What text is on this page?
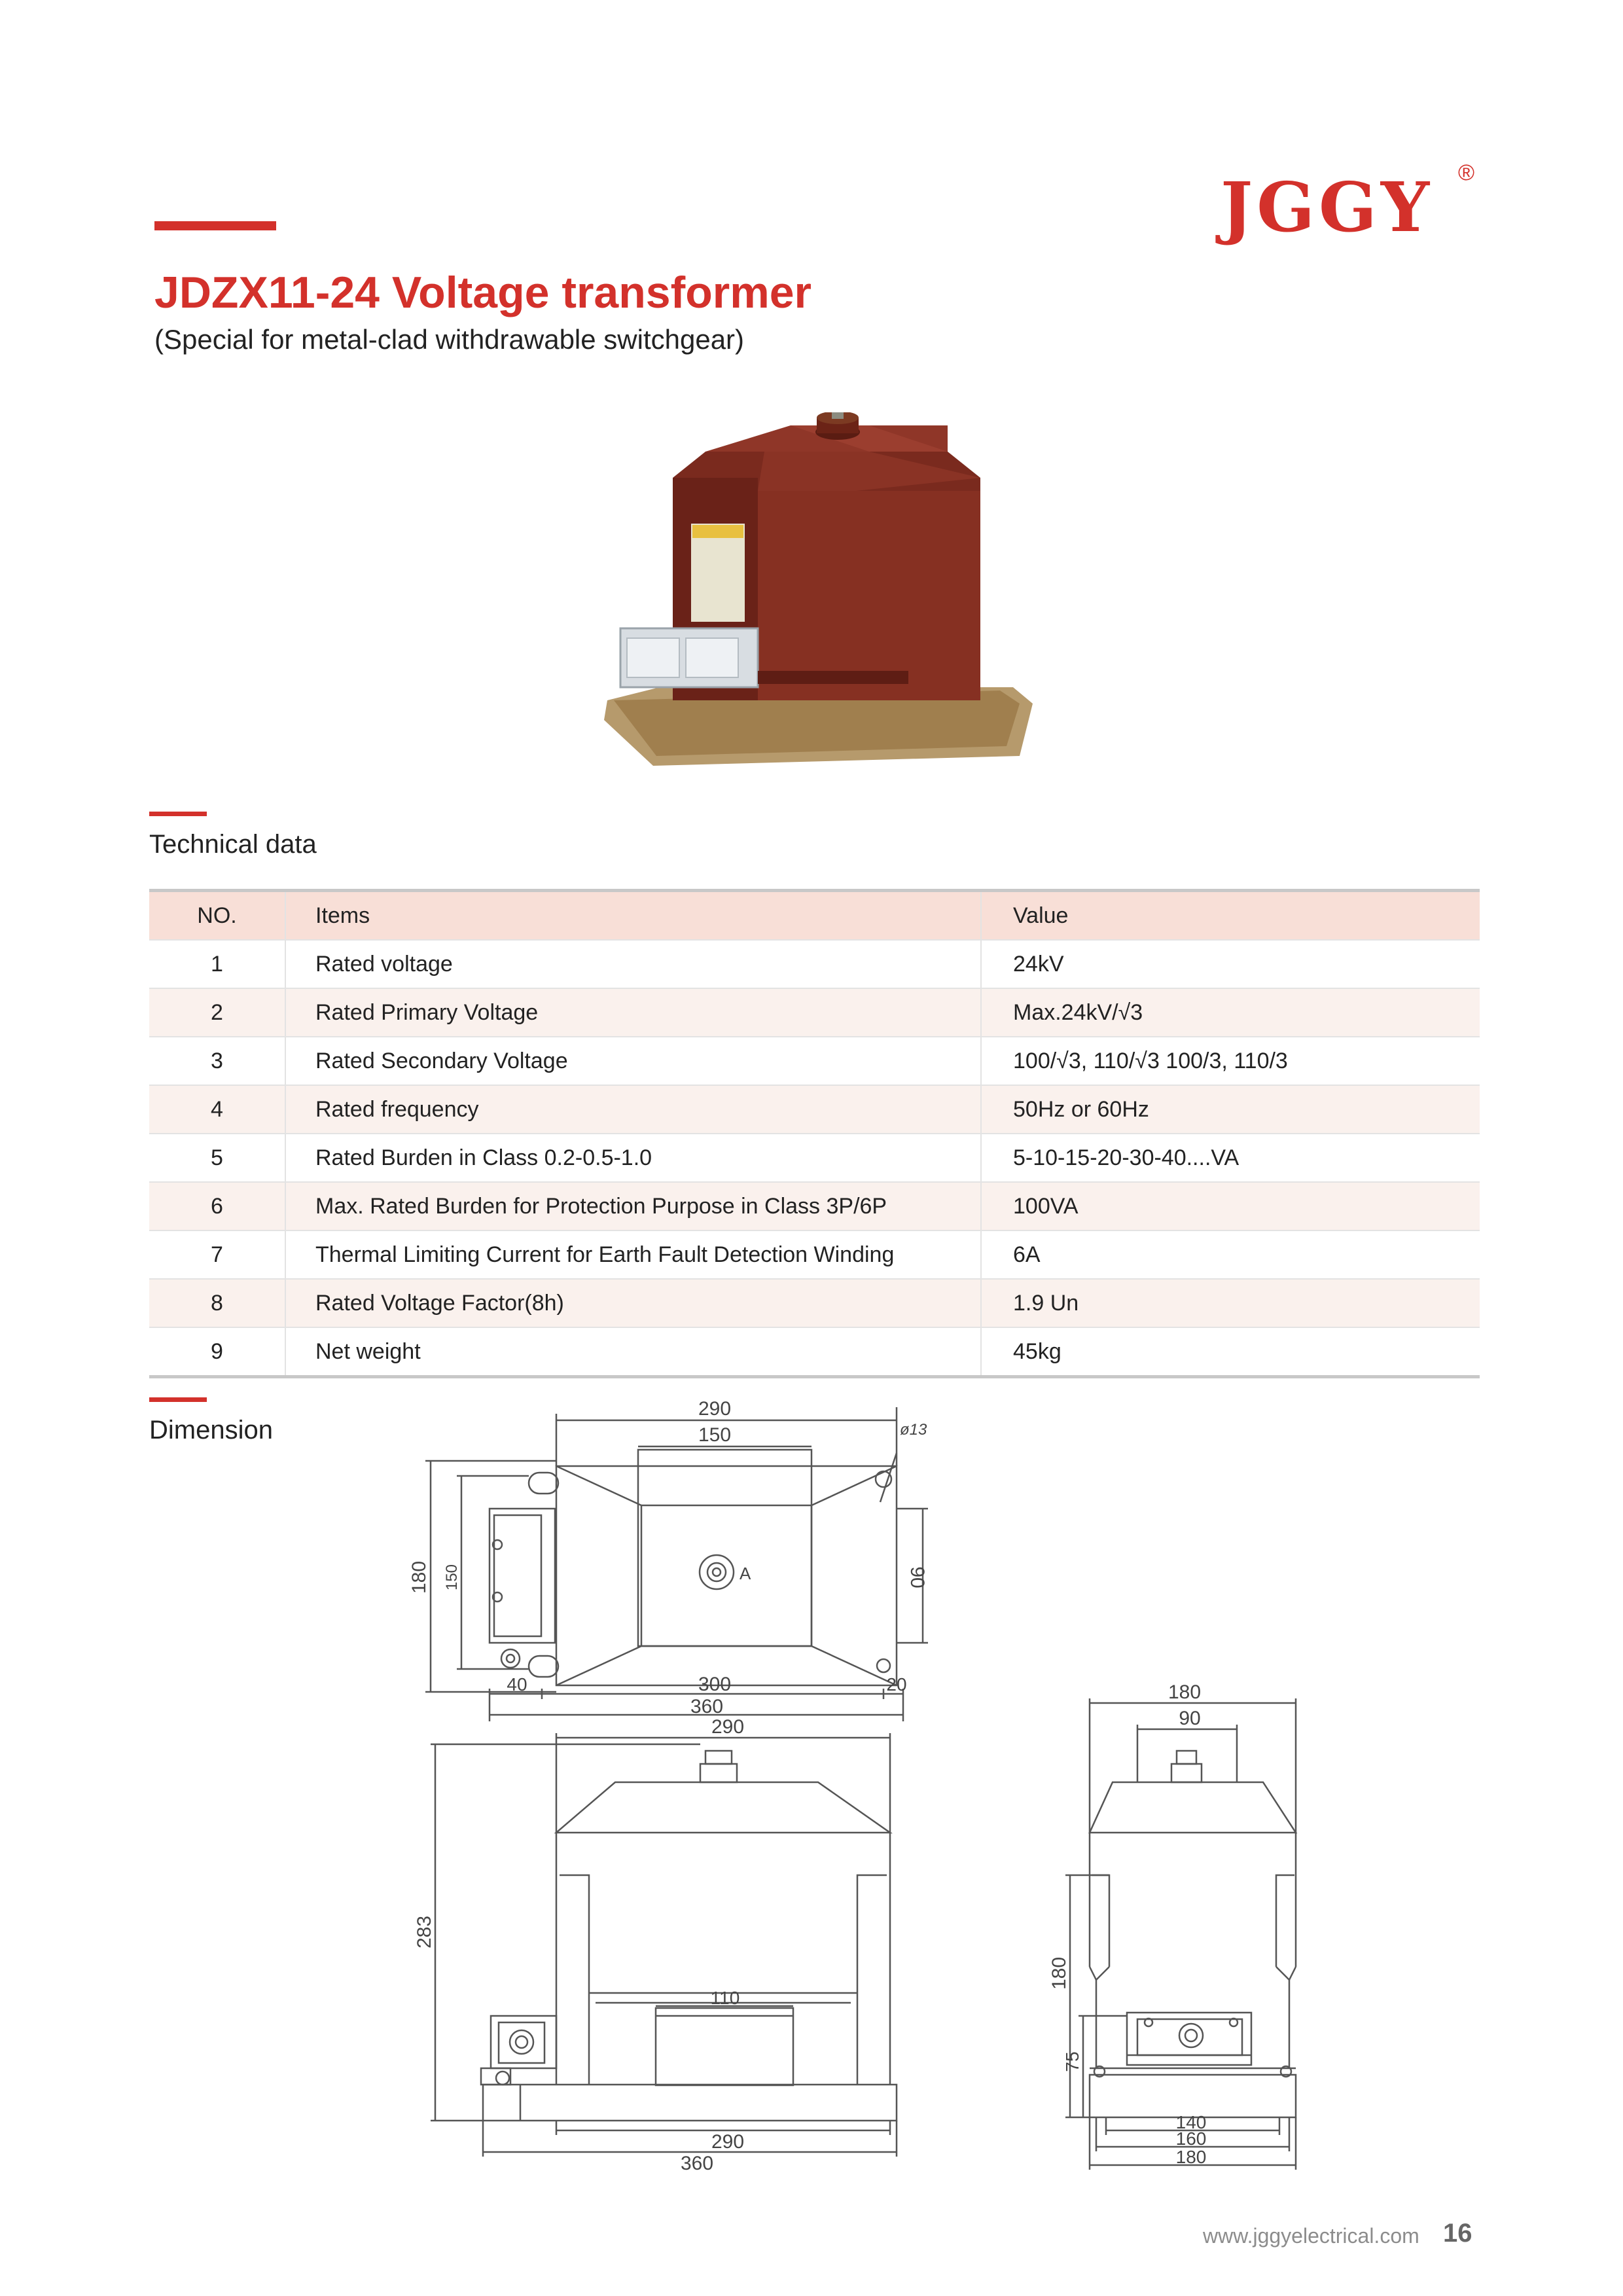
JGGY ®
JDZX11-24 Voltage transformer
(Special for metal-clad withdrawable switchgear)
Technical data
NO.	Items	Value
1	Rated voltage	24kV
2	Rated Primary Voltage	Max.24kV/√3
3	Rated Secondary Voltage	100/√3, 110/√3 100/3, 110/3
4	Rated frequency	50Hz or 60Hz
5	Rated Burden in Class 0.2-0.5-1.0	5-10-15-20-30-40....VA
6	Max. Rated Burden for Protection Purpose in Class 3P/6P	100VA
7	Thermal Limiting Current for Earth Fault Detection Winding	6A
8	Rated Voltage Factor(8h)	1.9 Un
9	Net weight	45kg
Dimension
290
150	ø13
180 150	90
A
40	300	20
360
290
283
110
290
360
180
90
180
75
140
160
180
www.jggyelectrical.com 16
